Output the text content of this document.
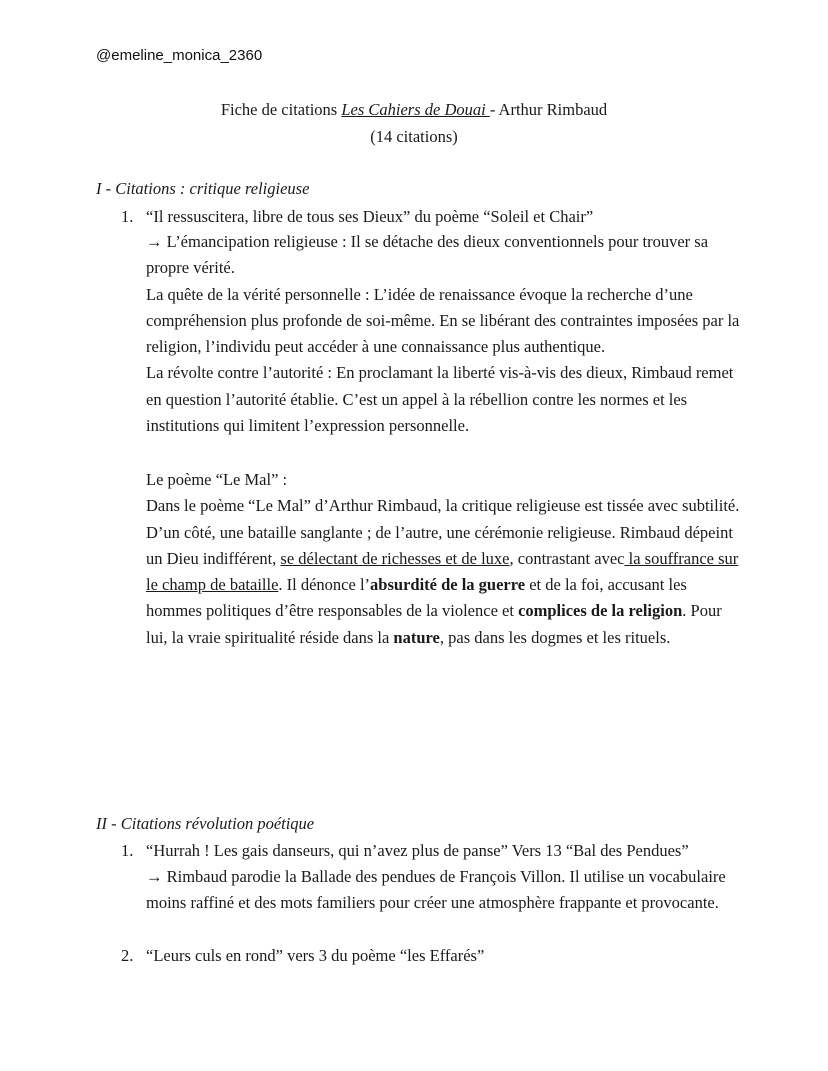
@emeline_monica_2360
Fiche de citations Les Cahiers de Douai - Arthur Rimbaud
(14 citations)
I - Citations : critique religieuse
1. “Il ressuscitera, libre de tous ses Dieux” du poème “Soleil et Chair”

→ L’émancipation religieuse : Il se détache des dieux conventionnels pour trouver sa propre vérité.

La quête de la vérité personnelle : L’idée de renaissance évoque la recherche d’une compréhension plus profonde de soi-même. En se libérant des contraintes imposées par la religion, l’individu peut accéder à une connaissance plus authentique.

La révolte contre l’autorité : En proclamant la liberté vis-à-vis des dieux, Rimbaud remet en question l’autorité établie. C’est un appel à la rébellion contre les normes et les institutions qui limitent l’expression personnelle.

Le poème “Le Mal” :

Dans le poème “Le Mal” d’Arthur Rimbaud, la critique religieuse est tissée avec subtilité. D’un côté, une bataille sanglante ; de l’autre, une cérémonie religieuse. Rimbaud dépeint un Dieu indifférent, se délectant de richesses et de luxe, contrastant avec la souffrance sur le champ de bataille. Il dénonce l’absurdité de la guerre et de la foi, accusant les hommes politiques d’être responsables de la violence et complices de la religion. Pour lui, la vraie spiritualité réside dans la nature, pas dans les dogmes et les rituels.

II - Citations révolution poétique
1. “Hurrah ! Les gais danseurs, qui n’avez plus de panse” Vers 13 “Bal des Pendues”

→ Rimbaud parodie la Ballade des pendues de François Villon. Il utilise un vocabulaire moins raffiné et des mots familiers pour créer une atmosphère frappante et provocante.

2. “Leurs culs en rond” vers 3 du poème “les Effarés”
